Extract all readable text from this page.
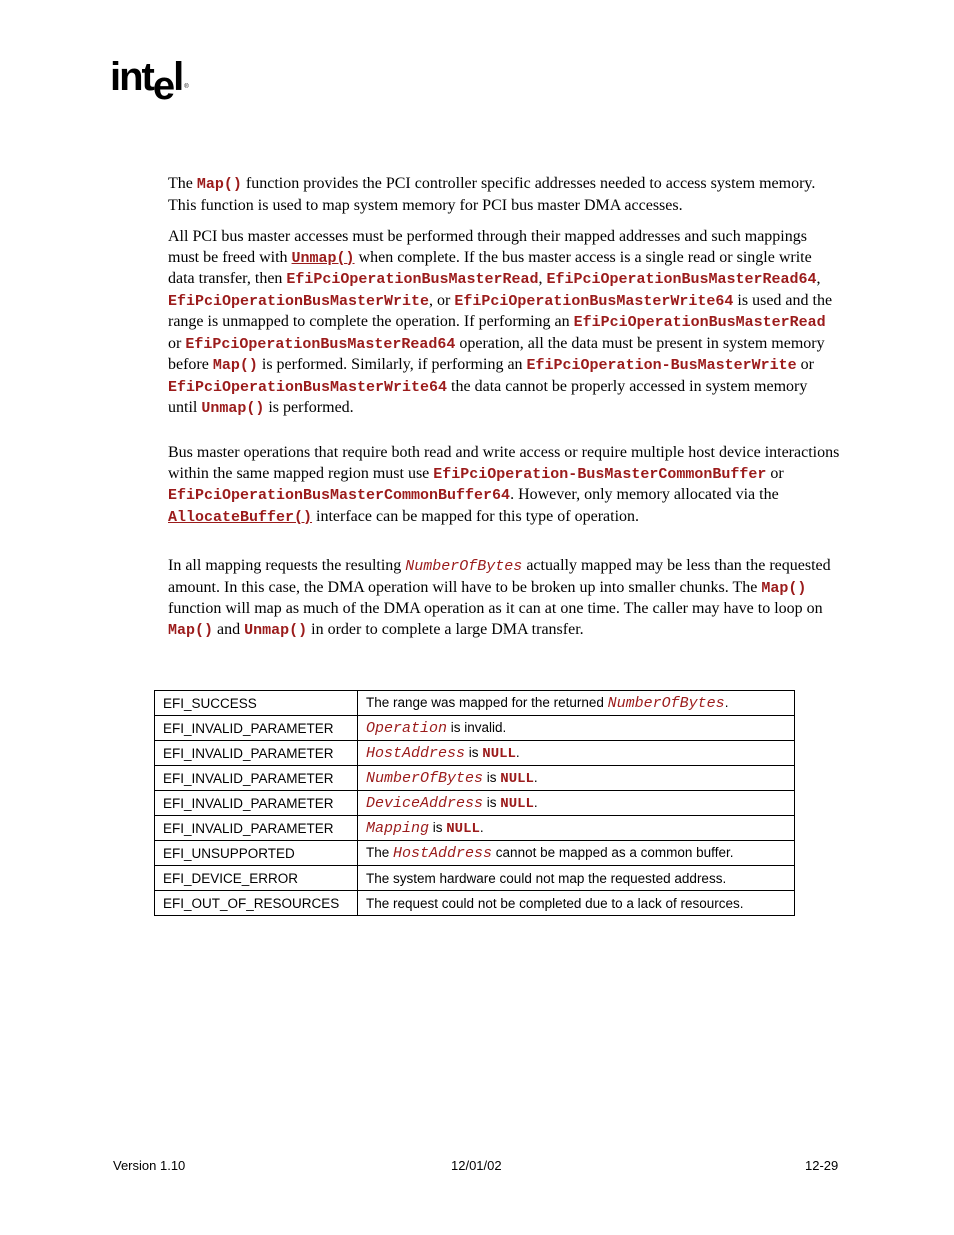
intel ®

The Map() function provides the PCI controller specific addresses needed to access system memory. This function is used to map system memory for PCI bus master DMA accesses.

All PCI bus master accesses must be performed through their mapped addresses and such mappings must be freed with Unmap() when complete. If the bus master access is a single read or single write data transfer, then EfiPciOperationBusMasterRead, EfiPciOperationBusMasterRead64, EfiPciOperationBusMasterWrite, or EfiPciOperationBusMasterWrite64 is used and the range is unmapped to complete the operation. If performing an EfiPciOperationBusMasterRead or EfiPciOperationBusMasterRead64 operation, all the data must be present in system memory before Map() is performed. Similarly, if performing an EfiPciOperation-BusMasterWrite or EfiPciOperationBusMasterWrite64 the data cannot be properly accessed in system memory until Unmap() is performed.

Bus master operations that require both read and write access or require multiple host device interactions within the same mapped region must use EfiPciOperation-BusMasterCommonBuffer or EfiPciOperationBusMasterCommonBuffer64. However, only memory allocated via the AllocateBuffer() interface can be mapped for this type of operation.

In all mapping requests the resulting NumberOfBytes actually mapped may be less than the requested amount. In this case, the DMA operation will have to be broken up into smaller chunks. The Map() function will map as much of the DMA operation as it can at one time. The caller may have to loop on Map() and Unmap() in order to complete a large DMA transfer.

EFI_SUCCESS	The range was mapped for the returned NumberOfBytes.
EFI_INVALID_PARAMETER	Operation is invalid.
EFI_INVALID_PARAMETER	HostAddress is NULL.
EFI_INVALID_PARAMETER	NumberOfBytes is NULL.
EFI_INVALID_PARAMETER	DeviceAddress is NULL.
EFI_INVALID_PARAMETER	Mapping is NULL.
EFI_UNSUPPORTED	The HostAddress cannot be mapped as a common buffer.
EFI_DEVICE_ERROR	The system hardware could not map the requested address.
EFI_OUT_OF_RESOURCES	The request could not be completed due to a lack of resources.
Version 1.10	12/01/02	12-29
